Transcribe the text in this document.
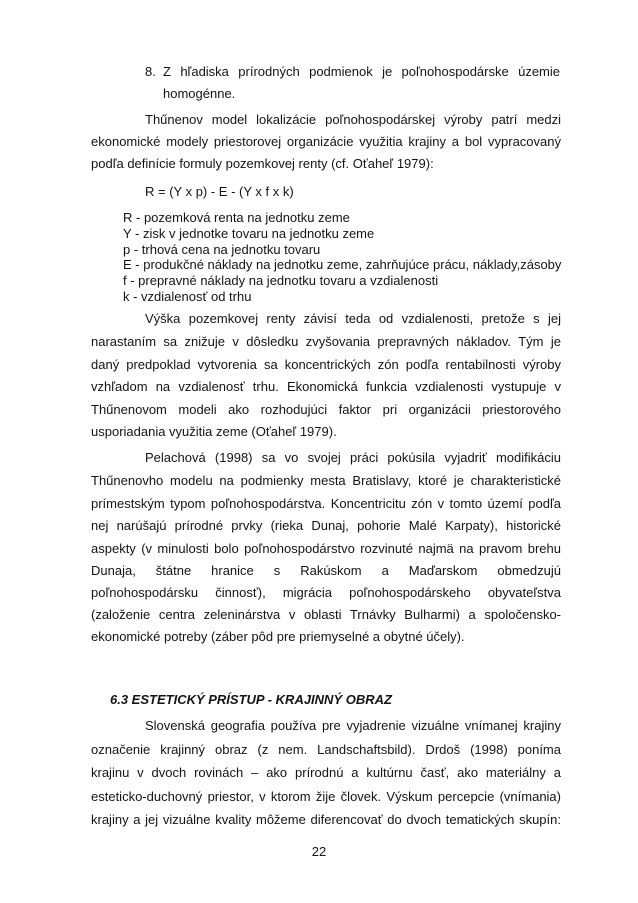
8. Z hľadiska prírodných podmienok je poľnohospodárske územie
homogénne.
Thűnenov model lokalizácie poľnohospodárskej výroby patrí medzi
ekonomické modely priestorovej organizácie využitia krajiny a bol vypracovaný
podľa definície formuly pozemkovej renty (cf. Oťaheľ 1979):
R = (Y x p) - E - (Y x f x k)
R - pozemková renta na jednotku zeme
Y - zisk v jednotke tovaru na jednotku zeme
p - trhová cena na jednotku tovaru
E - produkčné náklady na jednotku zeme, zahrňujúce prácu, náklady,zásoby
f - prepravné náklady na jednotku tovaru a vzdialenosti
k - vzdialenosť od trhu
Výška pozemkovej renty závisí teda od vzdialenosti, pretože s jej
narastaním sa znižuje v dôsledku zvyšovania prepravných nákladov. Tým je
daný predpoklad vytvorenia sa koncentrických zón podľa rentabilnosti výroby
vzhľadom na vzdialenosť trhu. Ekonomická funkcia vzdialenosti vystupuje v
Thűnenovom modeli ako rozhodujúci faktor pri organizácii priestorového
usporiadania využitia zeme (Oťaheľ 1979).
Pelachová (1998) sa vo svojej práci pokúsila vyjadriť modifikáciu
Thűnenovho modelu na podmienky mesta Bratislavy, ktoré je charakteristické
prímestským typom poľnohospodárstva. Koncentricitu zón v tomto území podľa
nej narúšajú prírodné prvky (rieka Dunaj, pohorie Malé Karpaty), historické
aspekty (v minulosti bolo poľnohospodárstvo rozvinuté najmä na pravom brehu
Dunaja, štátne hranice s Rakúskom a Maďarskom obmedzujú
poľnohospodársku činnosť), migrácia poľnohospodárskeho obyvateľstva
(založenie centra zeleninárstva v oblasti Trnávky Bulharmi) a spoločensko-
ekonomické potreby (záber pôd pre priemyselné a obytné účely).
6.3 ESTETICKÝ PRÍSTUP - KRAJINNÝ OBRAZ
Slovenská geografia používa pre vyjadrenie vizuálne vnímanej krajiny
označenie krajinný obraz (z nem. Landschaftsbild). Drdoš (1998) poníma
krajinu v dvoch rovinách – ako prírodnú a kultúrnu časť, ako materiálny a
esteticko-duchovný priestor, v ktorom žije človek. Výskum percepcie (vnímania)
krajiny a jej vizuálne kvality môžeme diferencovať do dvoch tematických skupín:
22
